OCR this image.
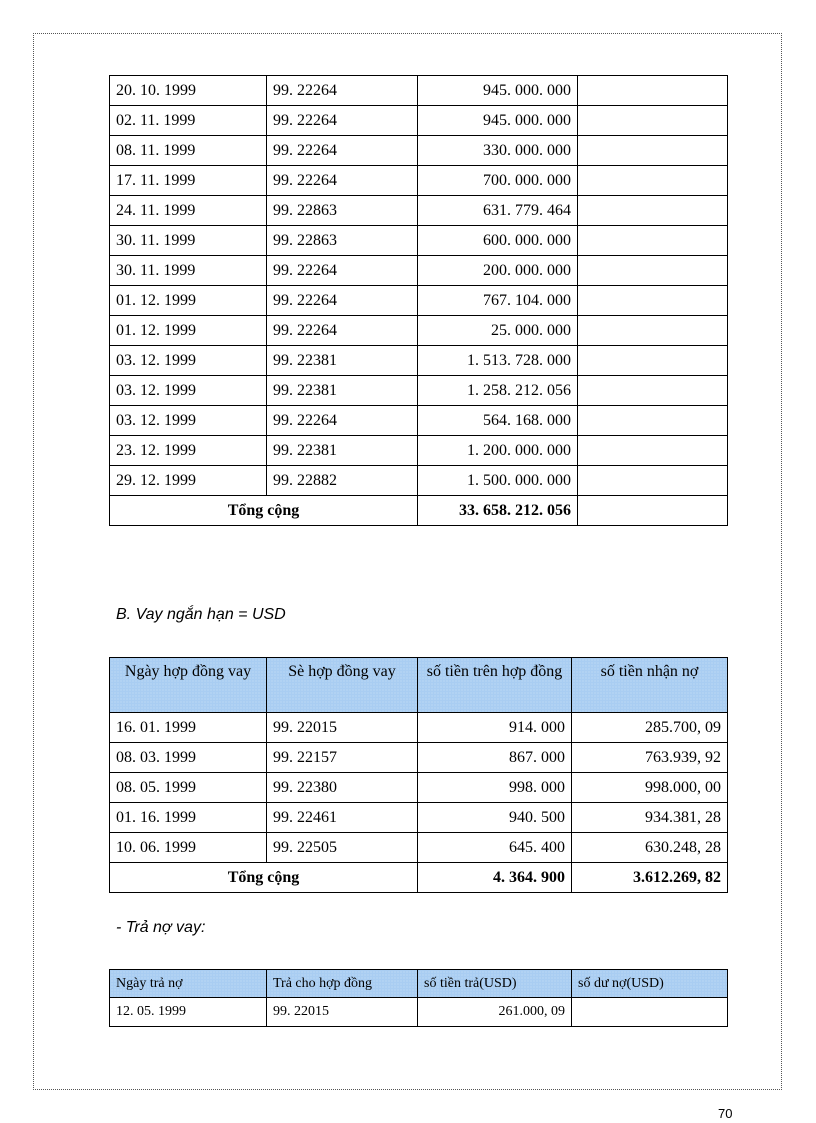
20. 10. 1999	99. 22264	945. 000. 000	
02. 11. 1999	99. 22264	945. 000. 000	
08. 11. 1999	99. 22264	330. 000. 000	
17. 11. 1999	99. 22264	700. 000. 000	
24. 11. 1999	99. 22863	631. 779. 464	
30. 11. 1999	99. 22863	600. 000. 000	
30. 11. 1999	99. 22264	200. 000. 000	
01. 12. 1999	99. 22264	767. 104. 000	
01. 12. 1999	99. 22264	25. 000. 000	
03. 12. 1999	99. 22381	1. 513. 728. 000	
03. 12. 1999	99. 22381	1. 258. 212. 056	
03. 12. 1999	99. 22264	564. 168. 000	
23. 12. 1999	99. 22381	1. 200. 000. 000	
29. 12. 1999	99. 22882	1. 500. 000. 000	
Tổng cộng		33. 658. 212. 056	
B. Vay ngắn hạn = USD
Ngày hợp đồng vay	Sè hợp đồng vay	số tiền trên hợp đồng	số tiền nhận nợ
16. 01. 1999	99. 22015	914. 000	285.700, 09
08. 03. 1999	99. 22157	867. 000	763.939, 92
08. 05. 1999	99. 22380	998. 000	998.000, 00
01. 16. 1999	99. 22461	940. 500	934.381, 28
10. 06. 1999	99. 22505	645. 400	630.248, 28
Tổng cộng		4. 364. 900	3.612.269, 82
- Trả nợ vay:
Ngày trả nợ	Trả cho hợp đồng	số tiền trả(USD)	số dư nợ(USD)
12. 05. 1999	99. 22015	261.000, 09	
70
